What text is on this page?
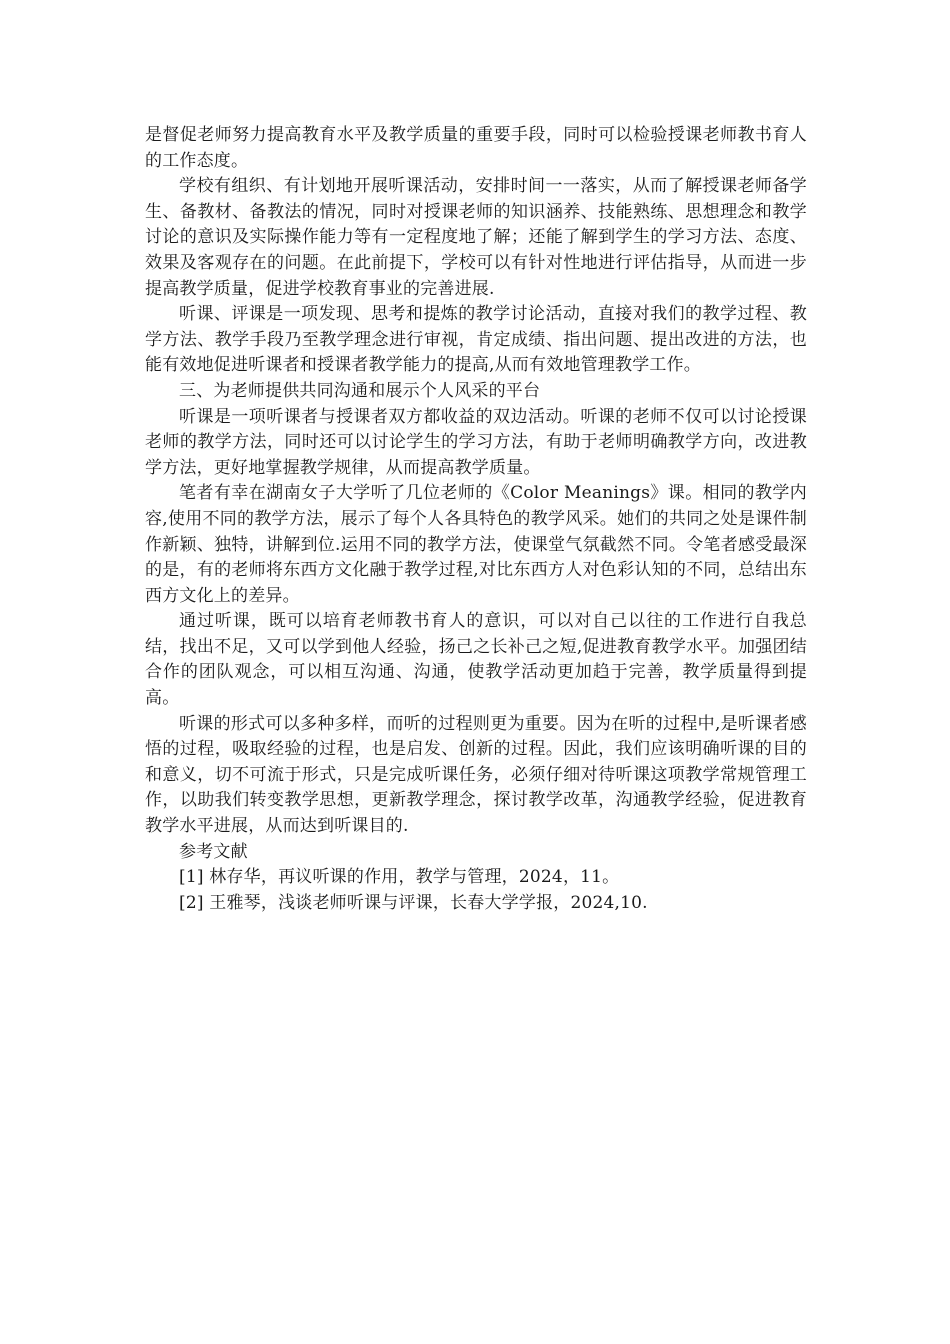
是督促老师努力提高教育水平及教学质量的重要手段，同时可以检验授课老师教书育人的工作态度。

学校有组织、有计划地开展听课活动，安排时间一一落实，从而了解授课老师备学生、备教材、备教法的情况，同时对授课老师的知识涵养、技能熟练、思想理念和教学讨论的意识及实际操作能力等有一定程度地了解；还能了解到学生的学习方法、态度、效果及客观存在的问题。在此前提下，学校可以有针对性地进行评估指导，从而进一步提高教学质量，促进学校教育事业的完善进展.

听课、评课是一项发现、思考和提炼的教学讨论活动，直接对我们的教学过程、教学方法、教学手段乃至教学理念进行审视，肯定成绩、指出问题、提出改进的方法，也能有效地促进听课者和授课者教学能力的提高,从而有效地管理教学工作。

三、为老师提供共同沟通和展示个人风采的平台

听课是一项听课者与授课者双方都收益的双边活动。听课的老师不仅可以讨论授课老师的教学方法，同时还可以讨论学生的学习方法，有助于老师明确教学方向，改进教学方法，更好地掌握教学规律，从而提高教学质量。

笔者有幸在湖南女子大学听了几位老师的《Color Meanings》课。相同的教学内容,使用不同的教学方法，展示了每个人各具特色的教学风采。她们的共同之处是课件制作新颖、独特，讲解到位.运用不同的教学方法，使课堂气氛截然不同。令笔者感受最深的是，有的老师将东西方文化融于教学过程,对比东西方人对色彩认知的不同，总结出东西方文化上的差异。

通过听课，既可以培育老师教书育人的意识，可以对自己以往的工作进行自我总结，找出不足，又可以学到他人经验，扬己之长补己之短,促进教育教学水平。加强团结合作的团队观念，可以相互沟通、沟通，使教学活动更加趋于完善，教学质量得到提高。

听课的形式可以多种多样，而听的过程则更为重要。因为在听的过程中,是听课者感悟的过程，吸取经验的过程，也是启发、创新的过程。因此，我们应该明确听课的目的和意义，切不可流于形式，只是完成听课任务，必须仔细对待听课这项教学常规管理工作，以助我们转变教学思想，更新教学理念，探讨教学改革，沟通教学经验，促进教育教学水平进展，从而达到听课目的.

参考文献

[1] 林存华，再议听课的作用，教学与管理，2024，11。

[2] 王雅琴，浅谈老师听课与评课，长春大学学报，2024,10.
